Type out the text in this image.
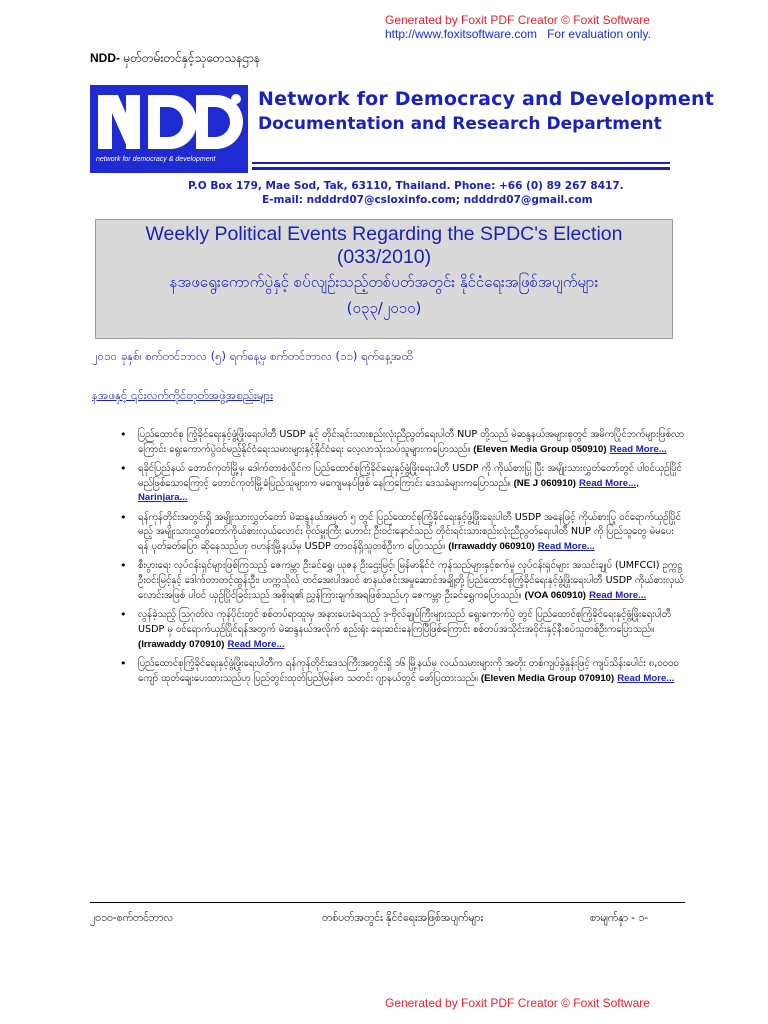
Generated by Foxit PDF Creator © Foxit Software
http://www.foxitsoftware.com For evaluation only.
NDD- မှတ်တမ်းတင်နှင့်သုတေသနဌာန
network for democracy & development
Network for Democracy and Development
Documentation and Research Department
P.O Box 179, Mae Sod, Tak, 63110, Thailand. Phone: +66 (0) 89 267 8417.
E-mail: ndddrd07@csloxinfo.com; ndddrd07@gmail.com
Weekly Political Events Regarding the SPDC's Election
(033/2010)
နအဖရွေးကောက်ပွဲနှင့် စပ်လျဉ်းသည့်တစ်ပတ်အတွင်း နိုင်ငံရေးအဖြစ်အပျက်များ
(၀၃၃/၂၀၁၀)
၂၀၁၀ ခုနှစ်၊ စက်တင်ဘာလ (၅) ရက်နေ့မှ စက်တင်ဘာလ (၁၁) ရက်နေ့အထိ
နအဖနှင့် ၎င်းလက်ကိုင်တုတ်အဖွဲ့အစည်းများ
• ပြည်ထောင်စု ကြံ့ခိုင်ရေးနှင့်ဖွံ့ဖြိုးရေးပါတီ USDP နှင့် တိုင်းရင်းသားစည်းလုံးညီညွတ်ရေးပါတီ NUP တို့သည် မဲဆန္ဒနယ်အများစုတွင် အမိကပြိုင်ဘက်များဖြစ်လာကြောင်း ရွေးကောက်ပွဲဝင်မည့်နိုင်ငံရေးသမားများနှင့်နိုင်ငံရေး လေ့လာသုံးသပ်သူများကပြောသည်။ (Eleven Media Group 050910) Read More...
• ရခိုင်ပြည်နယ် တောင်ကုတ်မြို့မှ ဒေါက်တာစံလှိုင်က ပြည်ထောင်စုကြံ့ခိုင်ရေးနှင့်ဖွံ့ဖြိုးရေးပါတီ USDP ကို ကိုယ်စားပြု ပြီး အမျိုးသားလွှတ်တော်တွင် ပါဝင်ယှဉ်ပြိုင်မည်ဖြစ်သောကြောင့် တောင်ကုတ်မြို့ခံပြည်သူများက မကျေမနပ်ဖြစ် နေကြကြောင်း ဒေသခံများကပြောသည်။ (NE J 060910) Read More..., Narinjara...
• ရန်ကုန်တိုင်းအတွင်းရှိ အမျိုးသားလွှတ်တော် မဲဆန္ဒနယ်အမှတ် ၅ တွင် ပြည်ထောင်စုကြံ့ခိုင်ရေးနှင့်ဖွံ့ဖြိုးရေးပါတီ USDP အနေဖြင့် ကိုယ်စားပြု ဝင်ရောက်ယှဉ်ပြိုင်မည့် အမျိုးသားလွှတ်တော်ကိုယ်စားလှယ်လောင်း ဗိုလ်မှူးကြီး ဟောင်း ဦးဝင်းနောင်သည် တိုင်းရင်းသားစည်းလုံးညီညွတ်ရေးပါတီ NUP ကို ပြည်သူတွေ မဲမပေးရန် ပုတ်ခတ်ပြော ဆိုနေသည်ဟု ဗဟန်းမြို့နယ်မှ USDP တာဝန်ရှိသူတစ်ဦးက ပြောသည်။ (Irrawaddy 060910) Read More...
• စီးပွားရေး လုပ်ငန်းရှင်များဖြစ်ကြသည့် ဇေကမ္ဘာ ဦးခင်ရွှေ၊ ယုဇန ဦးဌေးမြင့်၊ မြန်မာနိုင်ငံ ကုန်သည်များနှင့်စက်မှု လုပ်ငန်းရှင်များ အသင်းချုပ် (UMFCCI) ဥက္ကဋ္ဌ ဦးဝင်းမြင့်နှင့် ဒေါက်တာတင့်ထွန်းဦး၊ ဟက္ကသိုလ် တင်အေးပါအဝင် စာနယ်ဇင်းအမှုဆောင်အချို့တို့ ပြည်ထောင်စုကြံ့ခိုင်ရေးနှင့်ဖွံ့ဖြိုးရေးပါတီ USDP ကိုယ်စားလှယ်လောင်းအဖြစ် ပါဝင် ယှဉ်ပြိုင်ခြင်းသည် အစိုးရ၏ ညွှန်ကြားချက်အရဖြစ်သည်ဟု ဇေကမ္ဘာ ဦးခင်ရွှေကပြောသည်။ (VOA 060910) Read More...
• လွန်ခဲ့သည့် သြဂုတ်လ ကုန်ပိုင်းတွင် စစ်တပ်ရာထူးမှ အနားပေးခံရသည့် ဒု-ဗိုလ်ချုပ်ကြီးများသည် ရွေးကောက်ပွဲ တွင် ပြည်ထောင်စုကြံ့ခိုင်ရေးနှင့်ဖွံ့ဖြိုးရေးပါတီ USDP မှ ဝင်ရောက်ယှဉ်ပြိုင်ရန်အတွက် မဲဆန္ဒနယ်အလိုက် စည်းရုံး ရေးဆင်းနေကြပြီဖြစ်ကြောင်း စစ်တပ်အသိုင်းအဝိုင်းနှင့်နီးစပ်သူတစ်ဦးကပြောသည်။ (Irrawaddy 070910) Read More...
• ပြည်ထောင်စုကြံ့ခိုင်ရေးနှင့်ဖွံ့ဖြိုးရေးပါတီက ရန်ကုန်တိုင်းဒေသကြီးအတွင်းရှိ ၁၆ မြို့နယ်မှ လယ်သမားများကို အတိုး တစ်ကျပ်ခွဲနှုန်းဖြင့် ကျပ်သိန်းပေါင်း ၈,၀၀၀၀ ကျော် ထုတ်ချေးပေးထားသည်ဟု ပြည်တွင်းထုတ်ပြည်မြန်မာ သတင်း ဂျာနယ်တွင် ဖော်ပြထားသည်။ (Eleven Media Group 070910) Read More...
၂၀၁၀-စက်တင်ဘာလ	တစ်ပတ်အတွင်း နိုင်ငံရေးအဖြစ်အပျက်များ	စာမျက်နှာ - ၁-
Generated by Foxit PDF Creator © Foxit Software
